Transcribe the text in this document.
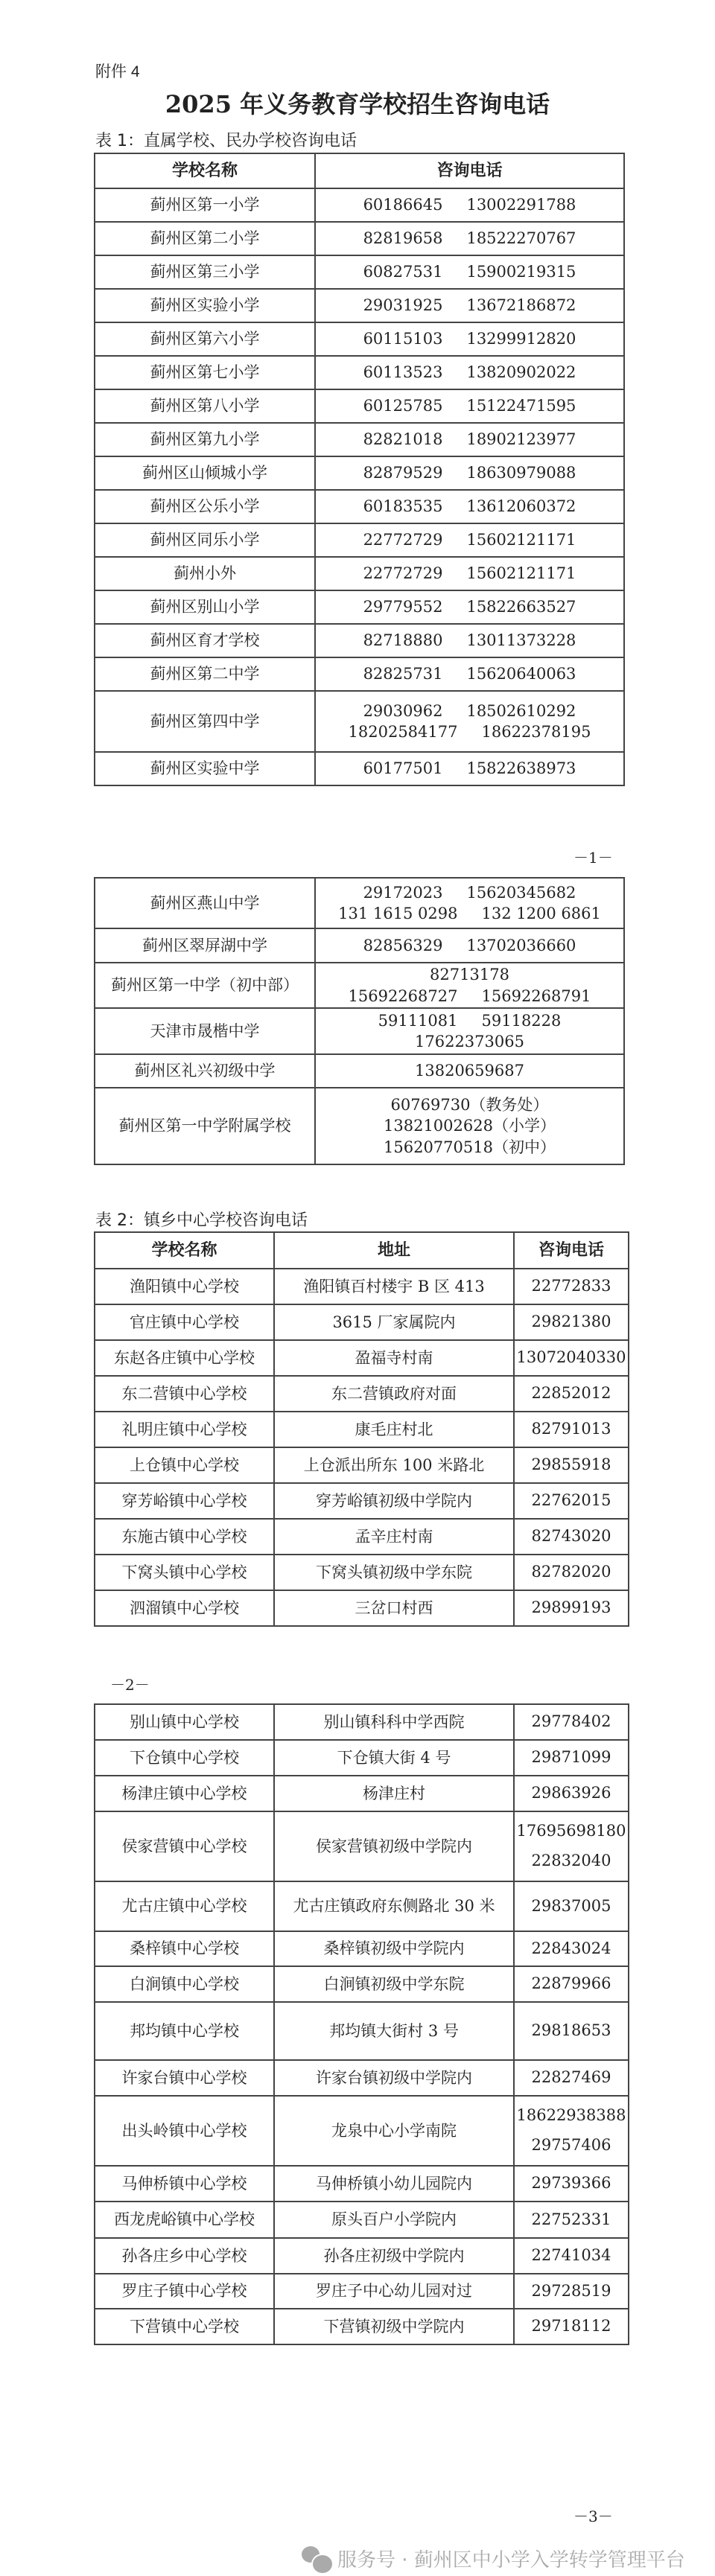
附件 4
2025 年义务教育学校招生咨询电话
表 1：直属学校、民办学校咨询电话
学校名称	咨询电话
蓟州区第一小学	60186645 13002291788

蓟州区第二小学	82819658 18522270767

蓟州区第三小学	60827531 15900219315

蓟州区实验小学	29031925 13672186872

蓟州区第六小学	60115103 13299912820

蓟州区第七小学	60113523 13820902022

蓟州区第八小学	60125785 15122471595

蓟州区第九小学	82821018 18902123977

蓟州区山倾城小学	82879529 18630979088

蓟州区公乐小学	60183535 13612060372

蓟州区同乐小学	22772729 15602121171

蓟州小外	22772729 15602121171

蓟州区别山小学	29779552 15822663527

蓟州区育才学校	82718880 13011373228

蓟州区第二中学	82825731 15620640063

蓟州区第四中学	29030962 18502610292
18202584177 18622378195

蓟州区实验中学	60177501 15822638973
－1－
蓟州区燕山中学	29172023 15620345682
131 1615 0298 132 1200 6861

蓟州区翠屏湖中学	82856329 13702036660

蓟州区第一中学（初中部）	82713178
15692268727 15692268791

天津市晟楷中学	59111081 59118228
17622373065

蓟州区礼兴初级中学	13820659687

蓟州区第一中学附属学校	60769730（教务处）
13821002628（小学）
15620770518（初中）
表 2：镇乡中心学校咨询电话
学校名称	地址	咨询电话
渔阳镇中心学校	渔阳镇百村楼宇 B 区 413	22772833

官庄镇中心学校	3615 厂家属院内	29821380

东赵各庄镇中心学校	盈福寺村南	13072040330

东二营镇中心学校	东二营镇政府对面	22852012

礼明庄镇中心学校	康毛庄村北	82791013

上仓镇中心学校	上仓派出所东 100 米路北	29855918

穿芳峪镇中心学校	穿芳峪镇初级中学院内	22762015

东施古镇中心学校	孟辛庄村南	82743020

下窝头镇中心学校	下窝头镇初级中学东院	82782020

泗溜镇中心学校	三岔口村西	29899193
－2－
别山镇中心学校	别山镇科科中学西院	29778402

下仓镇中心学校	下仓镇大街 4 号	29871099

杨津庄镇中心学校	杨津庄村	29863926

侯家营镇中心学校	侯家营镇初级中学院内	17695698180
22832040

尤古庄镇中心学校	尤古庄镇政府东侧路北 30 米	29837005

桑梓镇中心学校	桑梓镇初级中学院内	22843024

白涧镇中心学校	白涧镇初级中学东院	22879966

邦均镇中心学校	邦均镇大街村 3 号	29818653

许家台镇中心学校	许家台镇初级中学院内	22827469

出头岭镇中心学校	龙泉中心小学南院	18622938388
29757406

马伸桥镇中心学校	马伸桥镇小幼儿园院内	29739366

西龙虎峪镇中心学校	原头百户小学院内	22752331

孙各庄乡中心学校	孙各庄初级中学院内	22741034

罗庄子镇中心学校	罗庄子中心幼儿园对过	29728519

下营镇中心学校	下营镇初级中学院内	29718112
－3－
服务号 · 蓟州区中小学入学转学管理平台
